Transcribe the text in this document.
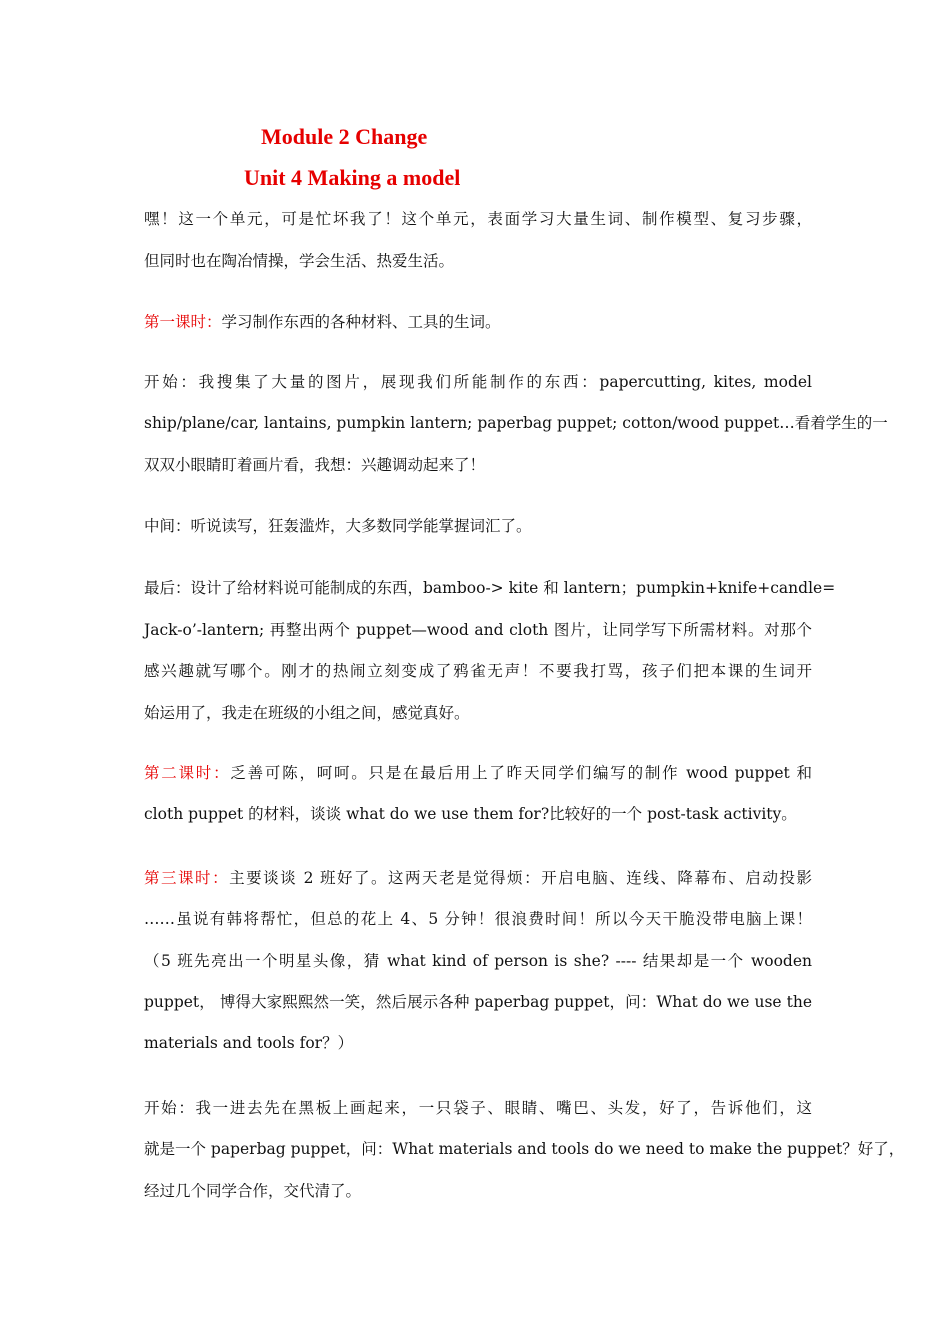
Module 2 Change
Unit 4 Making a model
嘿！这一个单元，可是忙坏我了！这个单元，表面学习大量生词、制作模型、复习步骤，
但同时也在陶冶情操，学会生活、热爱生活。
第一课时：学习制作东西的各种材料、工具的生词。
开始：我搜集了大量的图片，展现我们所能制作的东西：papercutting, kites, model
ship/plane/car, lantains, pumpkin lantern; paperbag puppet; cotton/wood puppet…看着学生的一
双双小眼睛盯着画片看，我想：兴趣调动起来了！
中间：听说读写，狂轰滥炸，大多数同学能掌握词汇了。
最后：设计了给材料说可能制成的东西，bamboo-> kite 和 lantern；pumpkin+knife+candle=
Jack-o’-lantern; 再整出两个 puppet—wood and cloth 图片，让同学写下所需材料。对那个
感兴趣就写哪个。刚才的热闹立刻变成了鸦雀无声！不要我打骂，孩子们把本课的生词开
始运用了，我走在班级的小组之间，感觉真好。
第二课时：乏善可陈，呵呵。只是在最后用上了昨天同学们编写的制作 wood puppet 和
cloth puppet 的材料，谈谈 what do we use them for?比较好的一个 post-task activity。
第三课时：主要谈谈 2 班好了。这两天老是觉得烦：开启电脑、连线、降幕布、启动投影
……虽说有韩将帮忙，但总的花上 4、5 分钟！很浪费时间！所以今天干脆没带电脑上课！
（5 班先亮出一个明星头像，猜 what kind of person is she? ---- 结果却是一个 wooden
puppet， 博得大家熙熙然一笑，然后展示各种 paperbag puppet，问：What do we use the
materials and tools for？）
开始：我一进去先在黑板上画起来，一只袋子、眼睛、嘴巴、头发，好了，告诉他们，这
就是一个 paperbag puppet，问：What materials and tools do we need to make the puppet？好了，
经过几个同学合作，交代清了。
